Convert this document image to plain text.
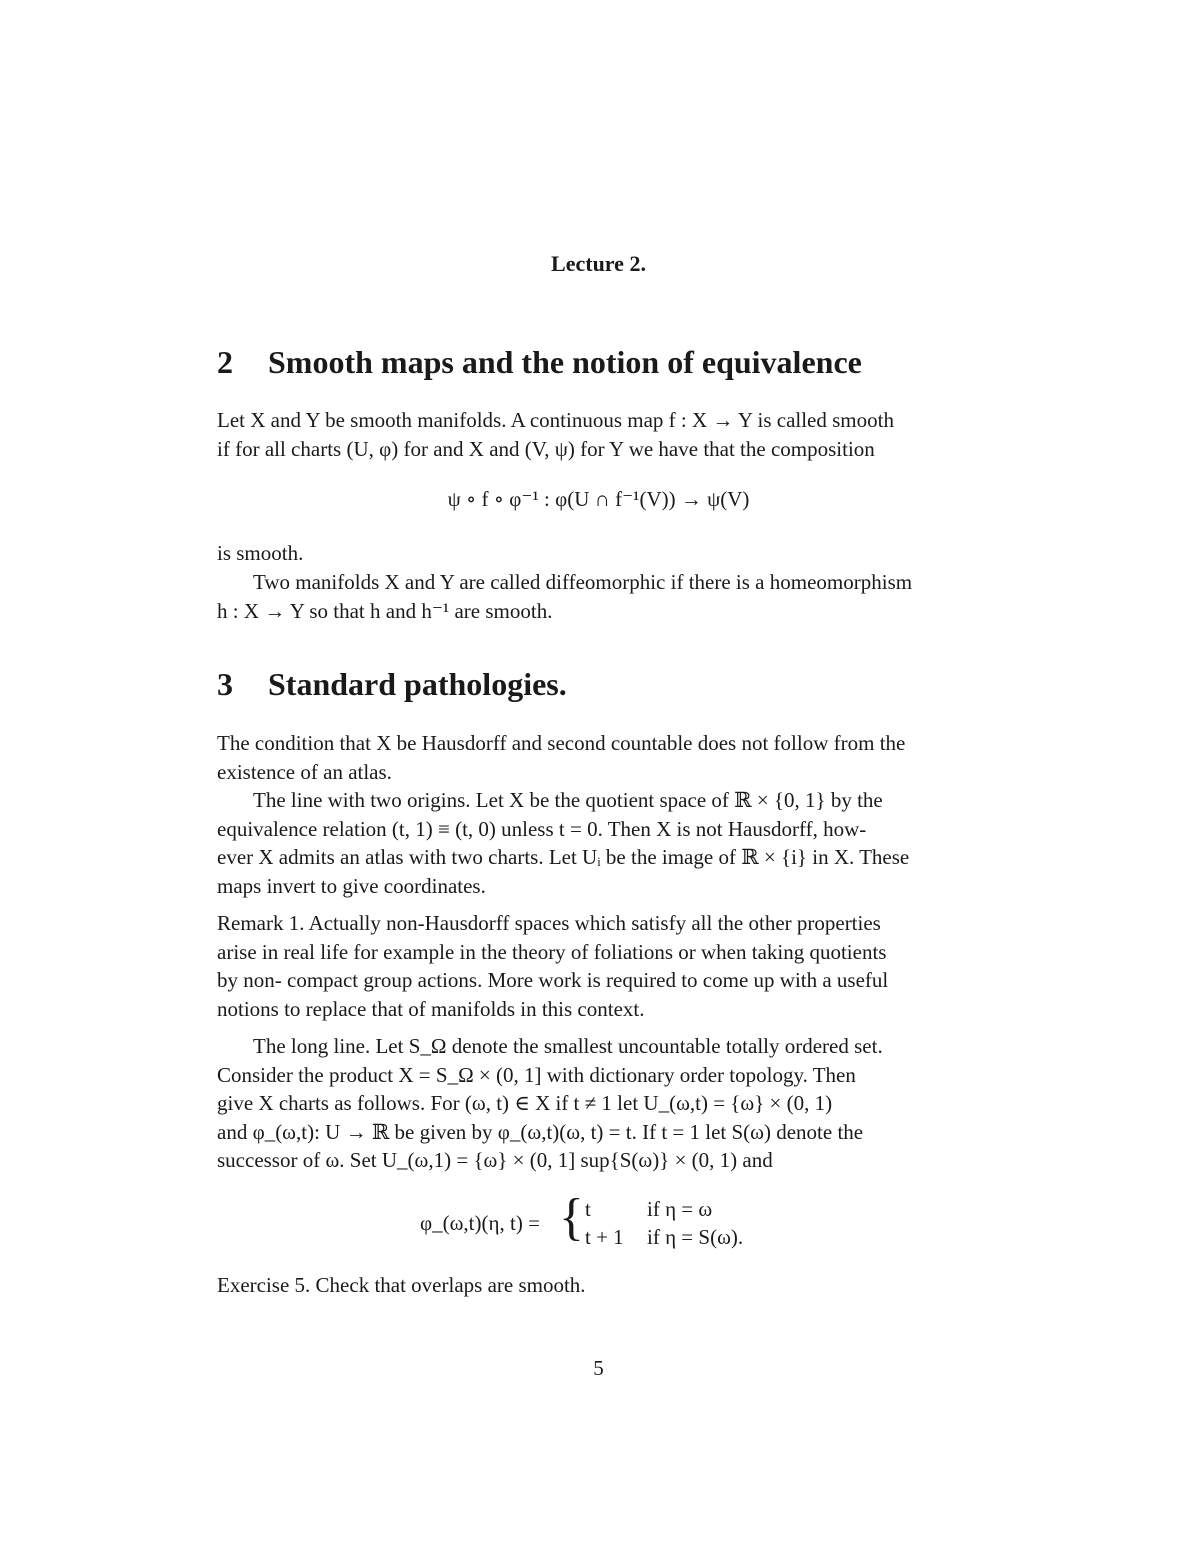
Lecture 2.
2 Smooth maps and the notion of equivalence
Let X and Y be smooth manifolds. A continuous map f : X → Y is called smooth
if for all charts (U, φ) for and X and (V, ψ) for Y we have that the composition
ψ ∘ f ∘ φ⁻¹ : φ(U ∩ f⁻¹(V)) → ψ(V)
is smooth.
Two manifolds X and Y are called diffeomorphic if there is a homeomorphism
h : X → Y so that h and h⁻¹ are smooth.
3 Standard pathologies.
The condition that X be Hausdorff and second countable does not follow from the
existence of an atlas.
The line with two origins. Let X be the quotient space of ℝ × {0, 1} by the
equivalence relation (t, 1) ≡ (t, 0) unless t = 0. Then X is not Hausdorff, how-
ever X admits an atlas with two charts. Let Uᵢ be the image of ℝ × {i} in X. These
maps invert to give coordinates.
Remark 1. Actually non-Hausdorff spaces which satisfy all the other properties
arise in real life for example in the theory of foliations or when taking quotients
by non- compact group actions. More work is required to come up with a useful
notions to replace that of manifolds in this context.
The long line. Let S_Ω denote the smallest uncountable totally ordered set.
Consider the product X = S_Ω × (0, 1] with dictionary order topology. Then
give X charts as follows. For (ω, t) ∈ X if t ≠ 1 let U_(ω,t) = {ω} × (0, 1)
and φ_(ω,t): U → ℝ be given by φ_(ω,t)(ω, t) = t. If t = 1 let S(ω) denote the
successor of ω. Set U_(ω,1) = {ω} × (0, 1] sup{S(ω)} × (0, 1) and
φ_(ω,t)(η, t) = { t	if η = ω
t + 1 if η = S(ω).
Exercise 5. Check that overlaps are smooth.
5
